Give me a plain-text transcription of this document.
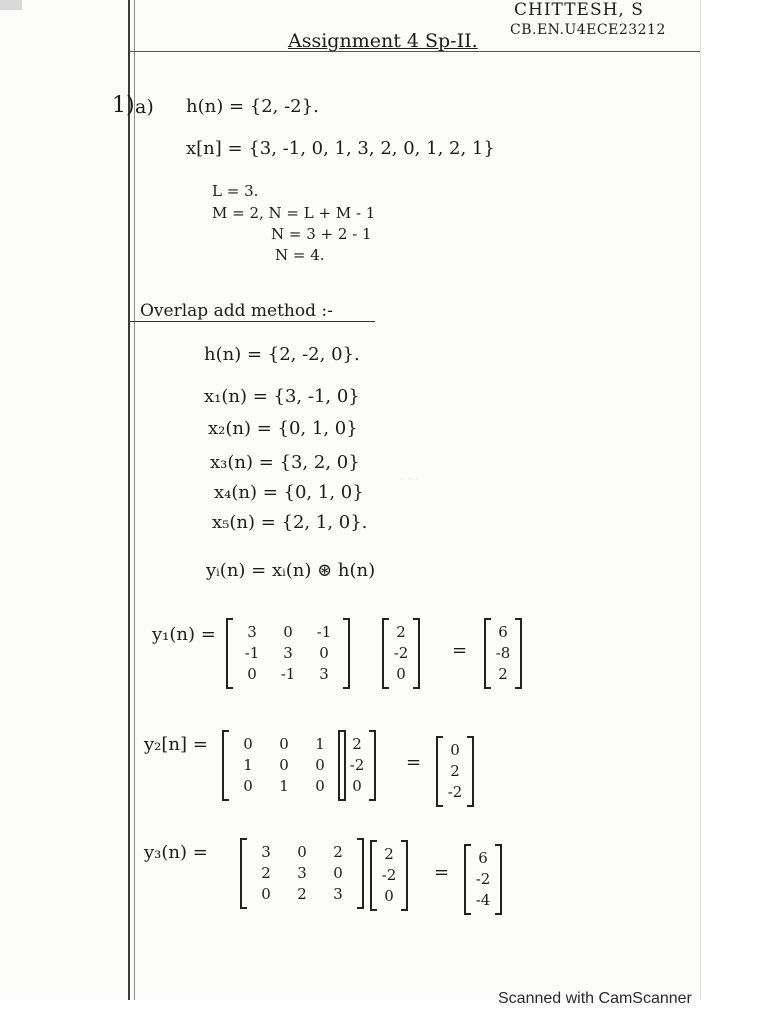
· · ·
CHITTESH, S
CB.EN.U4ECE23212
Assignment 4 Sp-II.
1) a) h(n) = {2, -2}.
x[n] = {3, -1, 0, 1, 3, 2, 0, 1, 2, 1}
L = 3.
M = 2, N = L + M - 1
N = 3 + 2 - 1
N = 4.
Overlap add method :-
h(n) = {2, -2, 0}.
x₁(n) = {3, -1, 0}
x₂(n) = {0, 1, 0}
x₃(n) = {3, 2, 0}
x₄(n) = {0, 1, 0}
x₅(n) = {2, 1, 0}.
yᵢ(n) = xᵢ(n) ⊛ h(n)
y₁(n) =	3	0	-1
-1	3	0
0	-1	3
2
-2
0
=
6
-8
2
y₂[n] =	0	0	1
1	0	0
0	1	0
2
-2
0
=
0
2
-2
y₃(n) =	3	0	2
2	3	0
0	2	3
2
-2
0
=
6
-2
-4
Scanned with CamScanner
